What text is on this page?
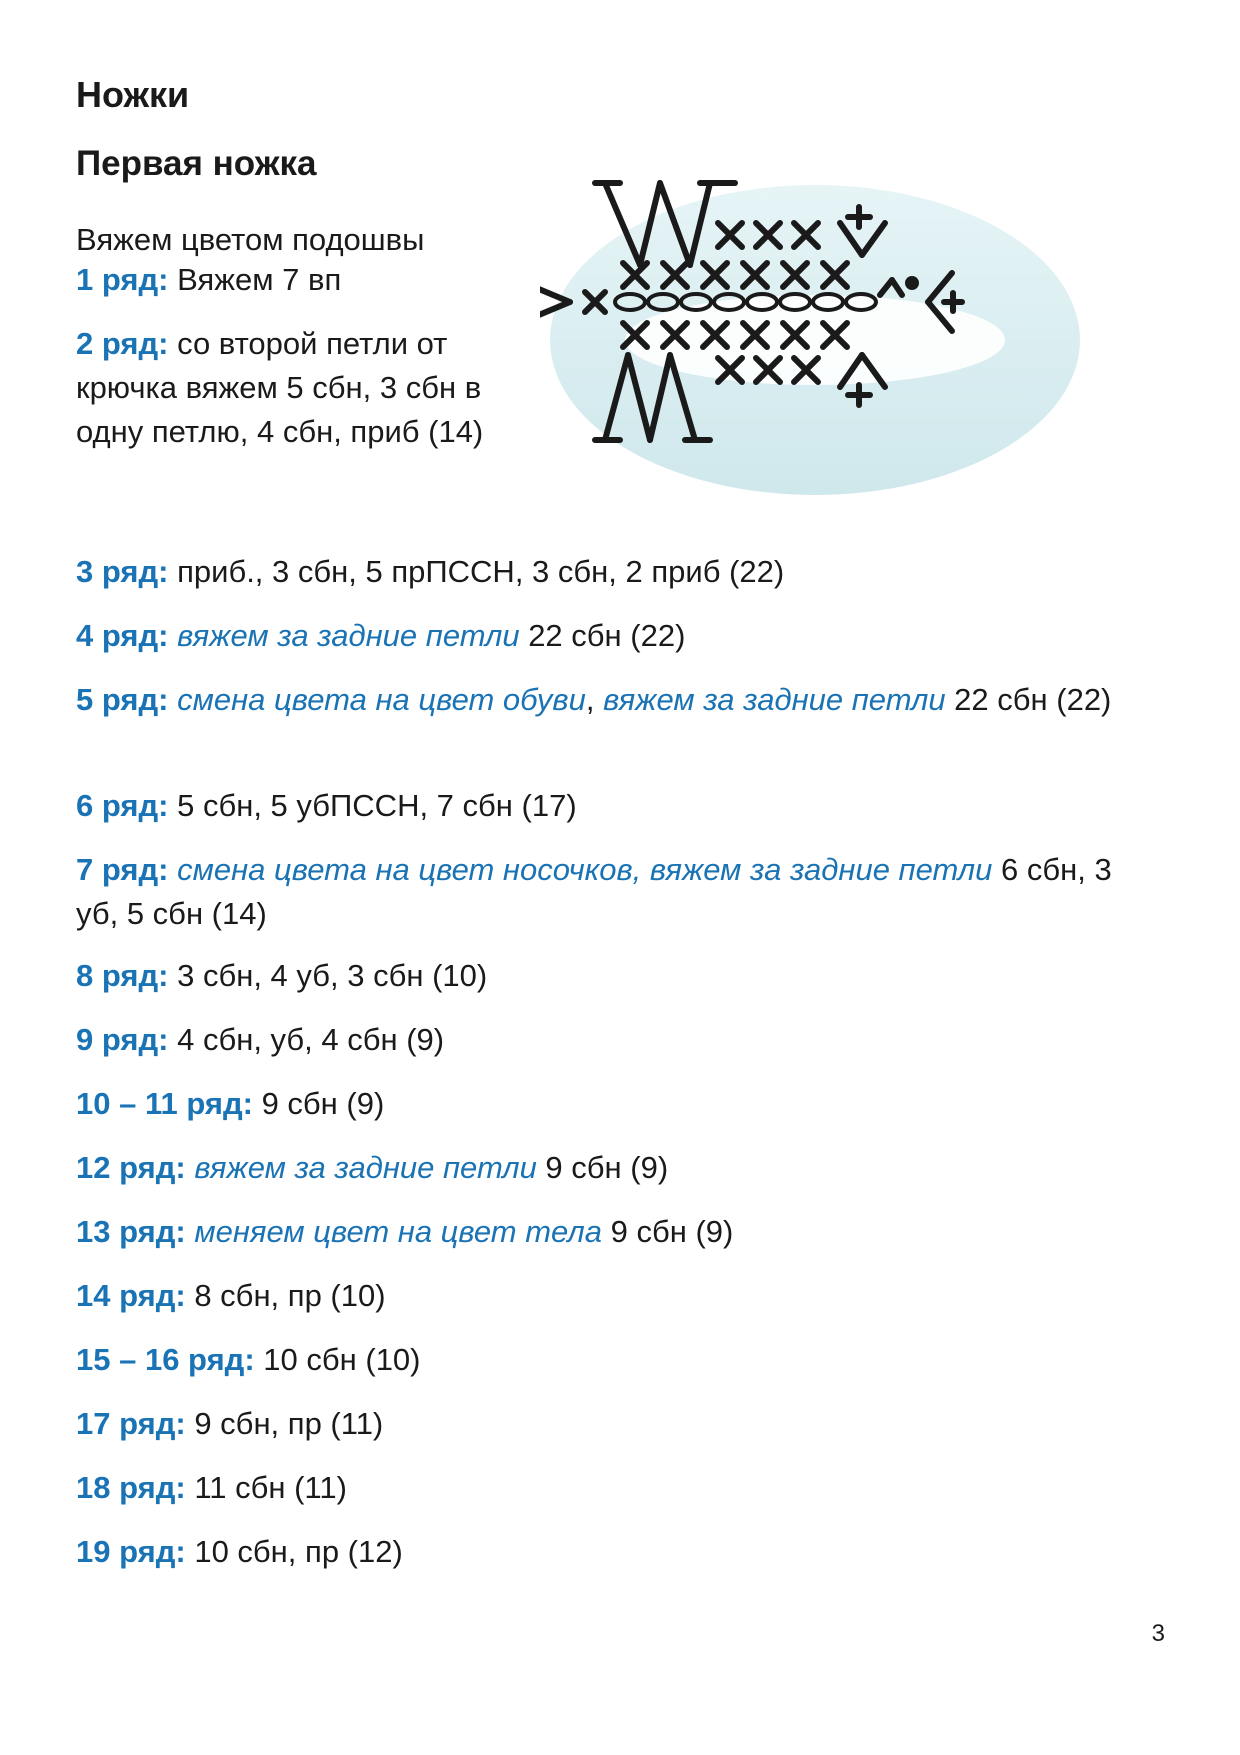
Ножки
Первая ножка

Вяжем цветом подошвы

1 ряд: Вяжем 7 вп

2 ряд: со второй петли от крючка вяжем 5 сбн, 3 сбн в одну петлю, 4 сбн, приб (14)

3 ряд: приб., 3 сбн, 5 прПССН, 3 сбн, 2 приб (22)

4 ряд: вяжем за задние петли 22 сбн (22)

5 ряд: смена цвета на цвет обуви, вяжем за задние петли 22 сбн (22)

6 ряд: 5 сбн, 5 убПССН, 7 сбн (17)

7 ряд: смена цвета на цвет носочков, вяжем за задние петли 6 сбн, 3 уб, 5 сбн (14)

8 ряд: 3 сбн, 4 уб, 3 сбн (10)

9 ряд: 4 сбн, уб, 4 сбн (9)

10 – 11 ряд: 9 сбн (9)

12 ряд: вяжем за задние петли 9 сбн (9)

13 ряд: меняем цвет на цвет тела 9 сбн (9)

14 ряд: 8 сбн, пр (10)

15 – 16 ряд: 10 сбн (10)

17 ряд: 9 сбн, пр (11)

18 ряд: 11 сбн (11)

19 ряд: 10 сбн, пр (12)

3
